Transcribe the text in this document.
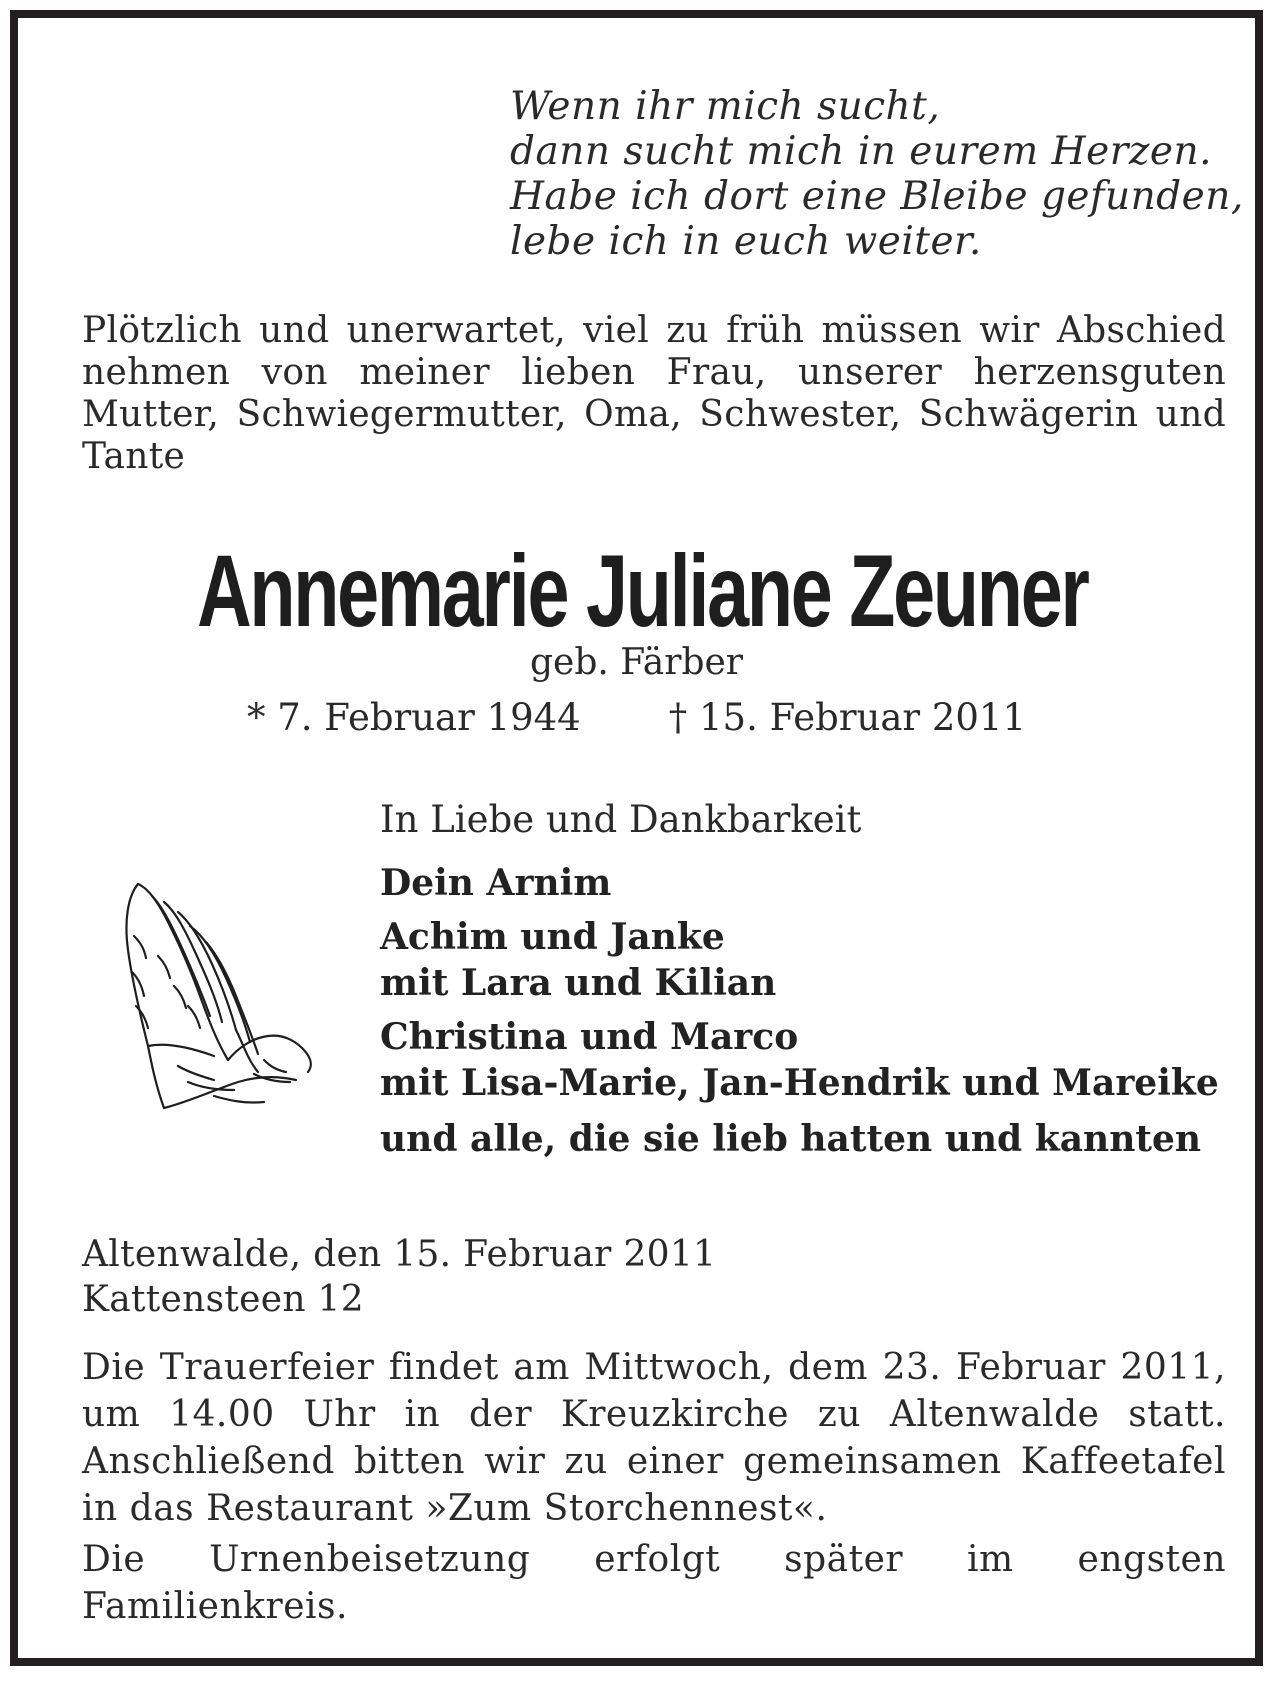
Wenn ihr mich sucht,
dann sucht mich in eurem Herzen.
Habe ich dort eine Bleibe gefunden,
lebe ich in euch weiter.
Plötzlich und unerwartet, viel zu früh müssen wir Abschied nehmen von meiner lieben Frau, unserer herzensguten Mutter, Schwiegermutter, Oma, Schwester, Schwägerin und Tante
Annemarie Juliane Zeuner
geb. Färber
* 7. Februar 1944 † 15. Februar 2011
In Liebe und Dankbarkeit
Dein Arnim
Achim und Janke
mit Lara und Kilian
Christina und Marco
mit Lisa-Marie, Jan-Hendrik und Mareike
und alle, die sie lieb hatten und kannten
Altenwalde, den 15. Februar 2011
Kattensteen 12
Die Trauerfeier findet am Mittwoch, dem 23. Februar 2011, um 14.00 Uhr in der Kreuzkirche zu Altenwalde statt. Anschließend bitten wir zu einer gemeinsamen Kaffeetafel in das Restaurant »Zum Storchennest«.
Die Urnenbeisetzung erfolgt später im engsten Familienkreis.
